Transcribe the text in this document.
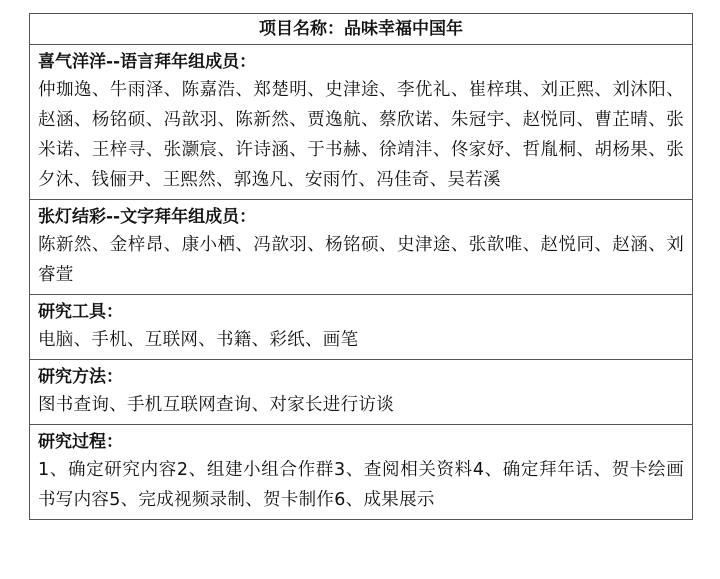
项目名称：品味幸福中国年

喜气洋洋--语言拜年组成员：

仲珈逸、牛雨泽、陈嘉浩、郑楚明、史津途、李优礼、崔梓琪、刘正熙、刘沐阳、赵涵、杨铭硕、冯歆羽、陈新然、贾逸航、蔡欣诺、朱冠宇、赵悦同、曹芷晴、张米诺、王梓寻、张灏宸、许诗涵、于书赫、徐靖沣、佟家妤、哲胤桐、胡杨果、张夕沐、钱俪尹、王熙然、郭逸凡、安雨竹、冯佳奇、吴若溪

张灯结彩--文字拜年组成员：

陈新然、金梓昂、康小栖、冯歆羽、杨铭硕、史津途、张歆唯、赵悦同、赵涵、刘睿萱

研究工具：

电脑、手机、互联网、书籍、彩纸、画笔

研究方法：

图书查询、手机互联网查询、对家长进行访谈

研究过程：

1、确定研究内容2、组建小组合作群3、查阅相关资料4、确定拜年话、贺卡绘画书写内容5、完成视频录制、贺卡制作6、成果展示
